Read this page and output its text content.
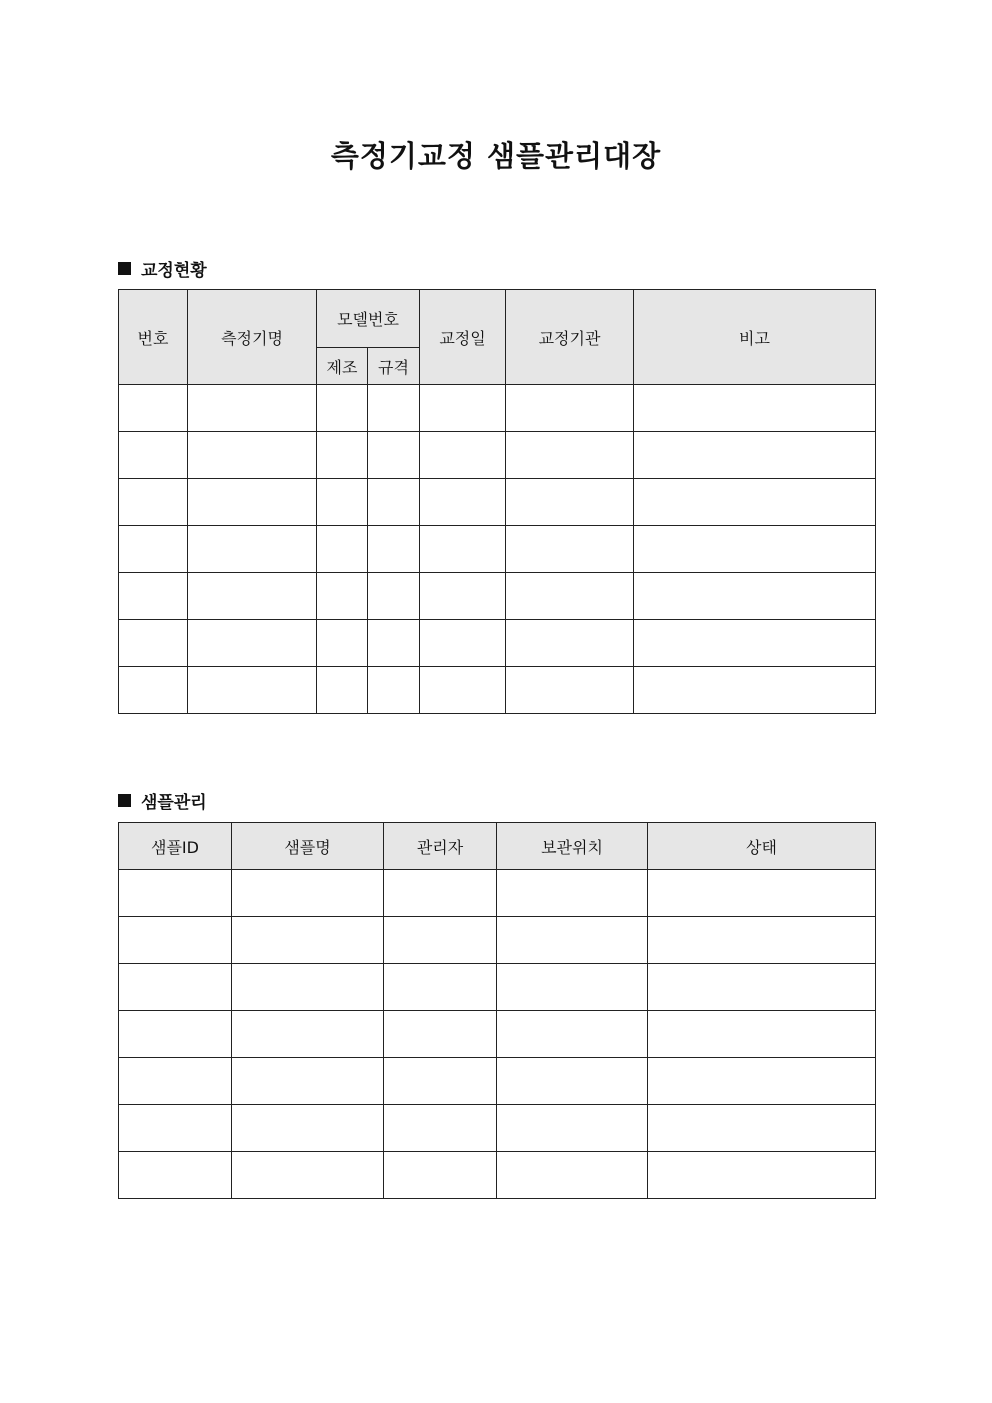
측정기교정 샘플관리대장
교정현황
번호	측정기명	모델번호		교정일	교정기관	비고
		제조	규격			

샘플관리
샘플ID	샘플명	관리자	보관위치	상태
